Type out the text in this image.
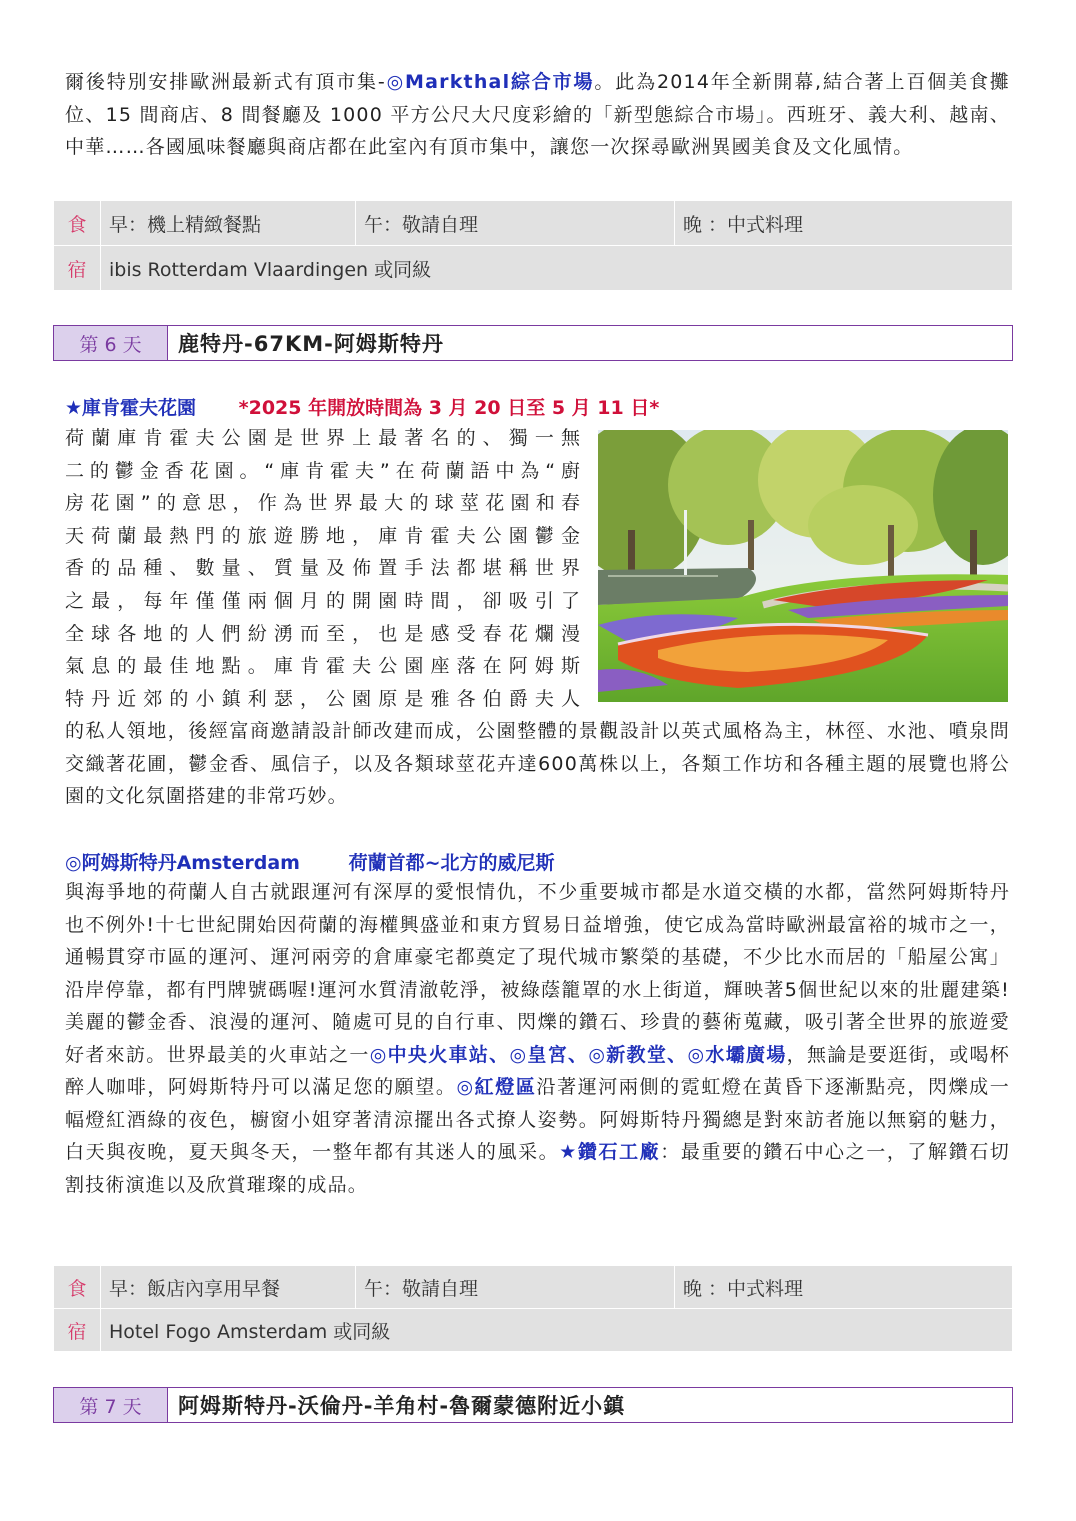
爾後特別安排歐洲最新式有頂市集-◎Markthal綜合市場。此為2014年全新開幕,結合著上百個美食攤位、15 間商店、8 間餐廳及 1000 平方公尺大尺度彩繪的「新型態綜合市場」。西班牙、義大利、越南、中華……各國風味餐廳與商店都在此室內有頂市集中，讓您一次探尋歐洲異國美食及文化風情。

食	早：機上精緻餐點	午：敬請自理	晚 ：中式料理
宿	ibis Rotterdam Vlaardingen 或同級		
第 6 天	鹿特丹-67KM-阿姆斯特丹
★庫肯霍夫花園 *2025 年開放時間為 3 月 20 日至 5 月 11 日*
荷蘭庫肯霍夫公園是世界上最著名的、獨一無
二的鬱金香花園。“庫肯霍夫”在荷蘭語中為“廚
房花園”的意思，作為世界最大的球莖花園和春
天荷蘭最熱門的旅遊勝地，庫肯霍夫公園鬱金
香的品種、數量、質量及佈置手法都堪稱世界
之最，每年僅僅兩個月的開園時間，卻吸引了
全球各地的人們紛湧而至，也是感受春花爛漫
氣息的最佳地點。庫肯霍夫公園座落在阿姆斯
特丹近郊的小鎮利瑟，公園原是雅各伯爵夫人

的私人領地，後經富商邀請設計師改建而成，公園整體的景觀設計以英式風格為主，林徑、水池、噴泉問交織著花圃，鬱金香、風信子，以及各類球莖花卉達600萬株以上，各類工作坊和各種主題的展覽也將公園的文化氛圍搭建的非常巧妙。

◎阿姆斯特丹Amsterdam	荷蘭首都~北方的威尼斯

與海爭地的荷蘭人自古就跟運河有深厚的愛恨情仇，不少重要城市都是水道交橫的水都，當然阿姆斯特丹也不例外!十七世紀開始因荷蘭的海權興盛並和東方貿易日益增強，使它成為當時歐洲最富裕的城市之一，通暢貫穿市區的運河、運河兩旁的倉庫豪宅都奠定了現代城市繁榮的基礎，不少比水而居的「船屋公寓」沿岸停靠，都有門牌號碼喔!運河水質清澈乾淨，被綠蔭籠罩的水上街道，輝映著5個世紀以來的壯麗建築!美麗的鬱金香、浪漫的運河、隨處可見的自行車、閃爍的鑽石、珍貴的藝術蒐藏，吸引著全世界的旅遊愛好者來訪。世界最美的火車站之一◎中央火車站、◎皇宮、◎新教堂、◎水壩廣場，無論是要逛街，或喝杯醉人咖啡，阿姆斯特丹可以滿足您的願望。◎紅燈區沿著運河兩側的霓虹燈在黃昏下逐漸點亮，閃爍成一幅燈紅酒綠的夜色，櫥窗小姐穿著清涼擺出各式撩人姿勢。阿姆斯特丹獨總是對來訪者施以無窮的魅力，白天與夜晚，夏天與冬天，一整年都有其迷人的風采。★鑽石工廠：最重要的鑽石中心之一，了解鑽石切割技術演進以及欣賞璀璨的成品。

食	早：飯店內享用早餐	午：敬請自理	晚 ：中式料理
宿	Hotel Fogo Amsterdam 或同級		
第 7 天	阿姆斯特丹-沃倫丹-羊角村-魯爾蒙德附近小鎮
